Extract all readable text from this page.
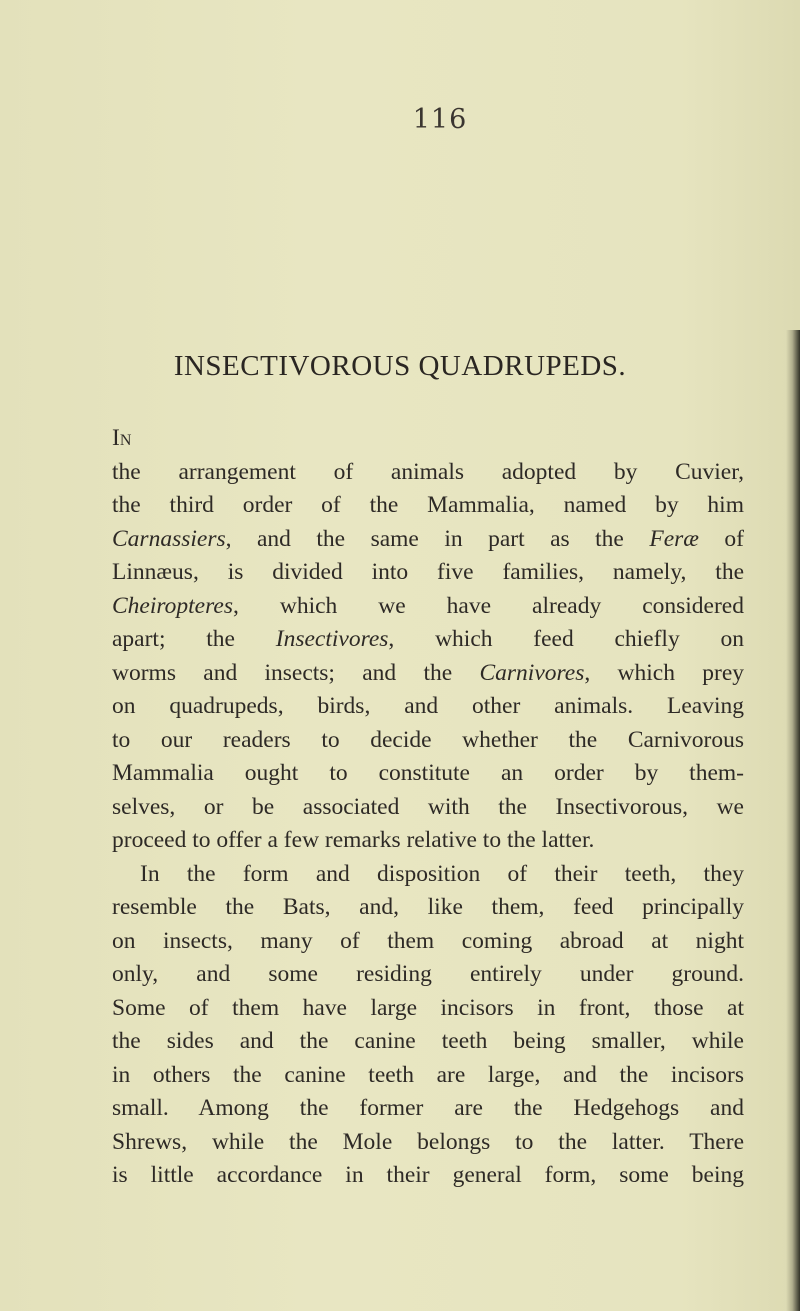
116
INSECTIVOROUS QUADRUPEDS.
In
the arrangement of animals adopted by Cuvier,
the third order of the Mammalia, named by him
Carnassiers, and the same in part as the Feræ of
Linnæus, is divided into five families, namely, the
Cheiropteres, which we have already considered
apart; the Insectivores, which feed chiefly on
worms and insects; and the Carnivores, which prey
on quadrupeds, birds, and other animals. Leaving
to our readers to decide whether the Carnivorous
Mammalia ought to constitute an order by them-
selves, or be associated with the Insectivorous, we
proceed to offer a few remarks relative to the latter.
In the form and disposition of their teeth, they
resemble the Bats, and, like them, feed principally
on insects, many of them coming abroad at night
only, and some residing entirely under ground.
Some of them have large incisors in front, those at
the sides and the canine teeth being smaller, while
in others the canine teeth are large, and the incisors
small. Among the former are the Hedgehogs and
Shrews, while the Mole belongs to the latter. There
is little accordance in their general form, some being
